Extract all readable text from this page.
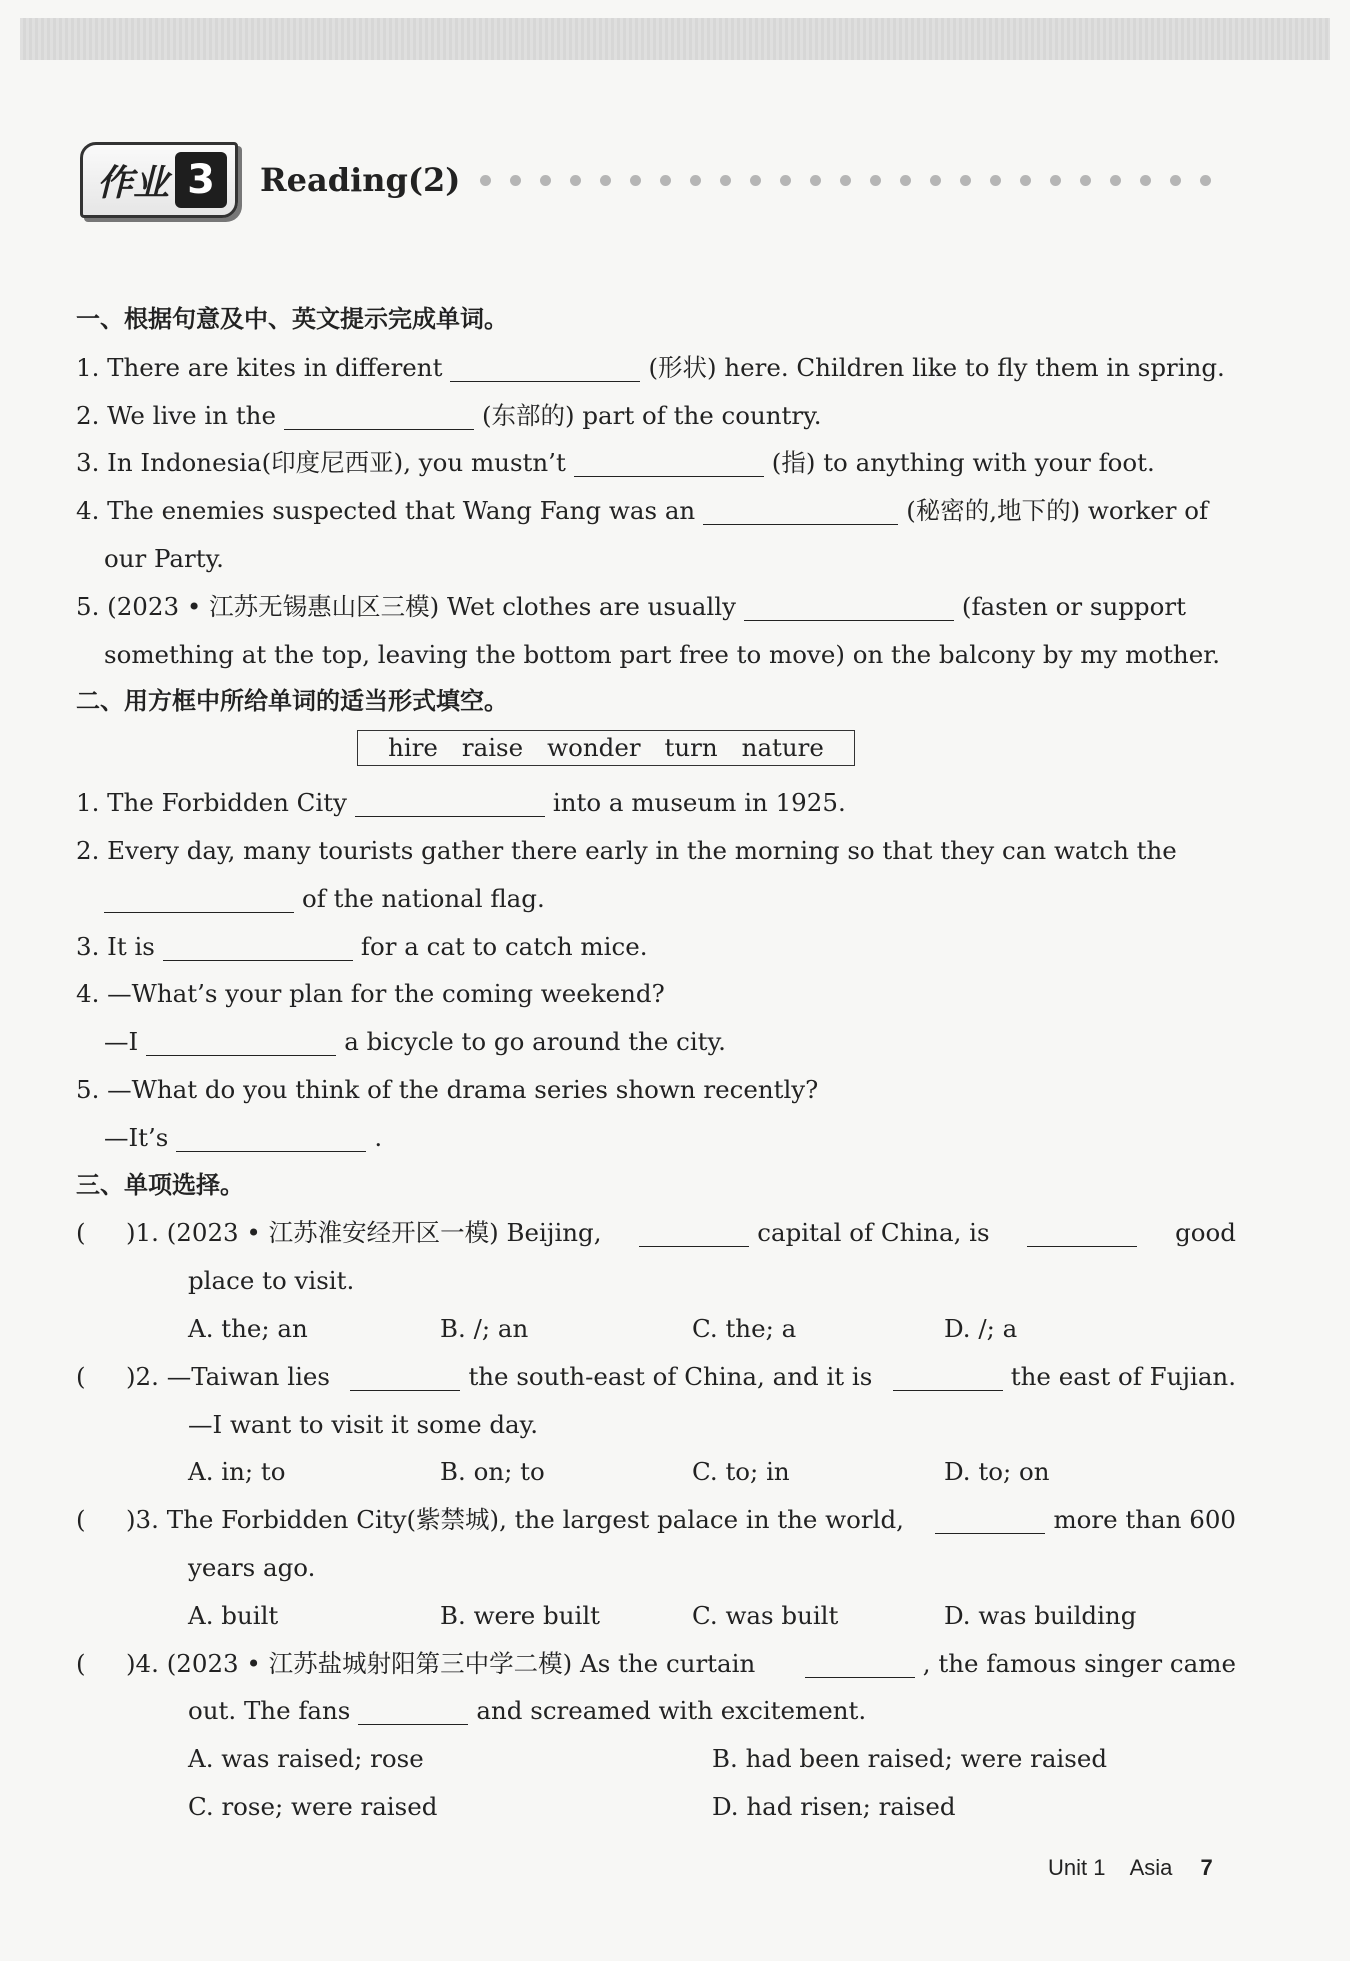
作业 3	Reading(2)
一、根据句意及中、英文提示完成单词。
1. There are kites in different	(形状) here. Children like to fly them in spring.
2. We live in the	(东部的) part of the country.
3. In Indonesia(印度尼西亚), you mustn’t	(指) to anything with your foot.
4. The enemies suspected that Wang Fang was an	(秘密的,地下的) worker of
our Party.
5. (2023 • 江苏无锡惠山区三模) Wet clothes are usually	(fasten or support
something at the top, leaving the bottom part free to move) on the balcony by my mother.
二、用方框中所给单词的适当形式填空。
hire raise wonder turn nature
1. The Forbidden City	into a museum in 1925.
2. Every day, many tourists gather there early in the morning so that they can watch the
of the national flag.
3. It is	for a cat to catch mice.
4. —What’s your plan for the coming weekend?
—I	a bicycle to go around the city.
5. —What do you think of the drama series shown recently?
—It’s	.
三、单项选择。
(	)1. (2023 • 江苏淮安经开区一模) Beijing,	capital of China, is	good
place to visit.
A. the; an	B. /; an	C. the; a	D. /; a
(	)2. —Taiwan lies	the south-east of China, and it is	the east of Fujian.
—I want to visit it some day.
A. in; to	B. on; to	C. to; in	D. to; on
(	)3. The Forbidden City(紫禁城), the largest palace in the world,	more than 600
years ago.
A. built	B. were built	C. was built	D. was building
(	)4. (2023 • 江苏盐城射阳第三中学二模) As the curtain	, the famous singer came
out. The fans	and screamed with excitement.
A. was raised; rose	B. had been raised; were raised
C. rose; were raised	D. had risen; raised
Unit 1 Asia 7
